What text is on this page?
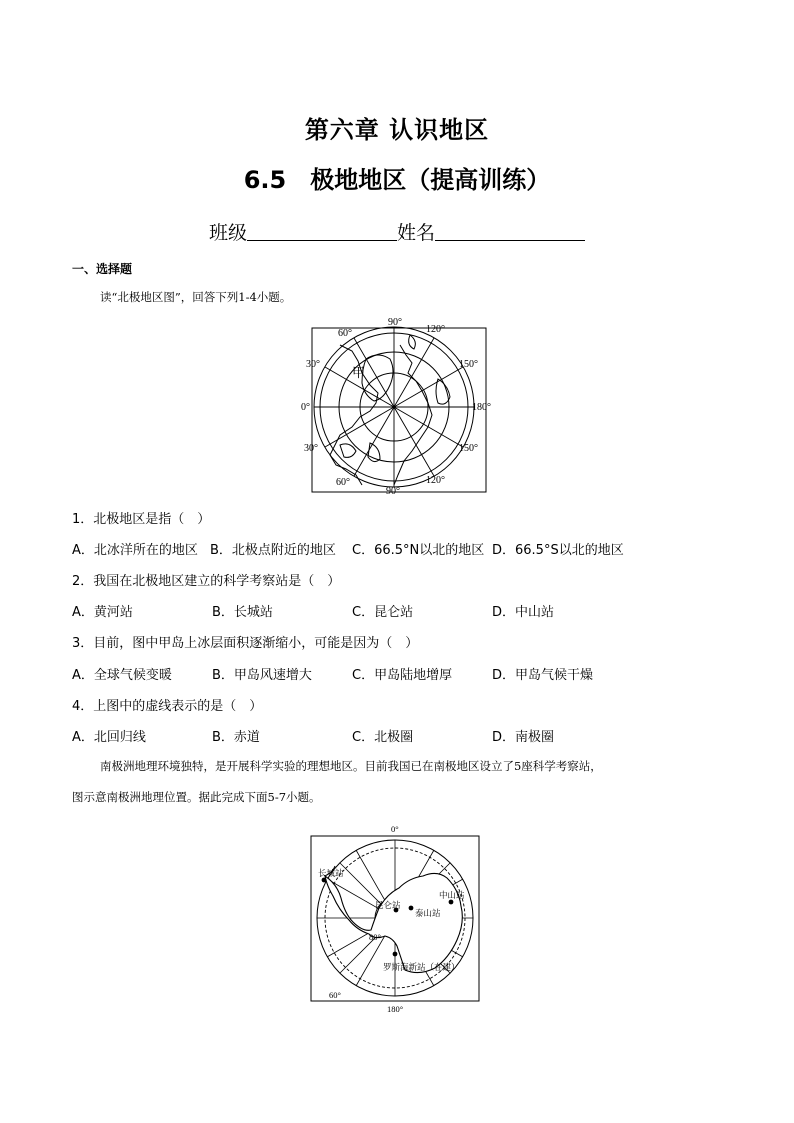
第六章 认识地区
6.5　极地地区（提高训练）
班级	姓名
一、选择题
读“北极地区图”，回答下列1-4小题。
90°
120°
150°
180°
150°
120°
90°
60°
30°
0°
30°
60°
甲
1．北极地区是指（　）
A．北冰洋所在的地区 B．北极点附近的地区 C．66.5°N以北的地区 D．66.5°S以北的地区
2．我国在北极地区建立的科学考察站是（　）
A．黄河站	B．长城站	C．昆仑站	D．中山站
3．目前，图中甲岛上冰层面积逐渐缩小，可能是因为（　）
A．全球气候变暖	B．甲岛风速增大	C．甲岛陆地增厚	D．甲岛气候干燥
4．上图中的虚线表示的是（　）
A．北回归线	B．赤道	C．北极圈	D．南极圈
南极洲地理环境独特，是开展科学实验的理想地区。目前我国已在南极地区设立了5座科学考察站，
图示意南极洲地理位置。据此完成下面5-7小题。
0°
180°
80°
60°
长城站
中山站
昆仑站
泰山站
罗斯海新站（在建）
